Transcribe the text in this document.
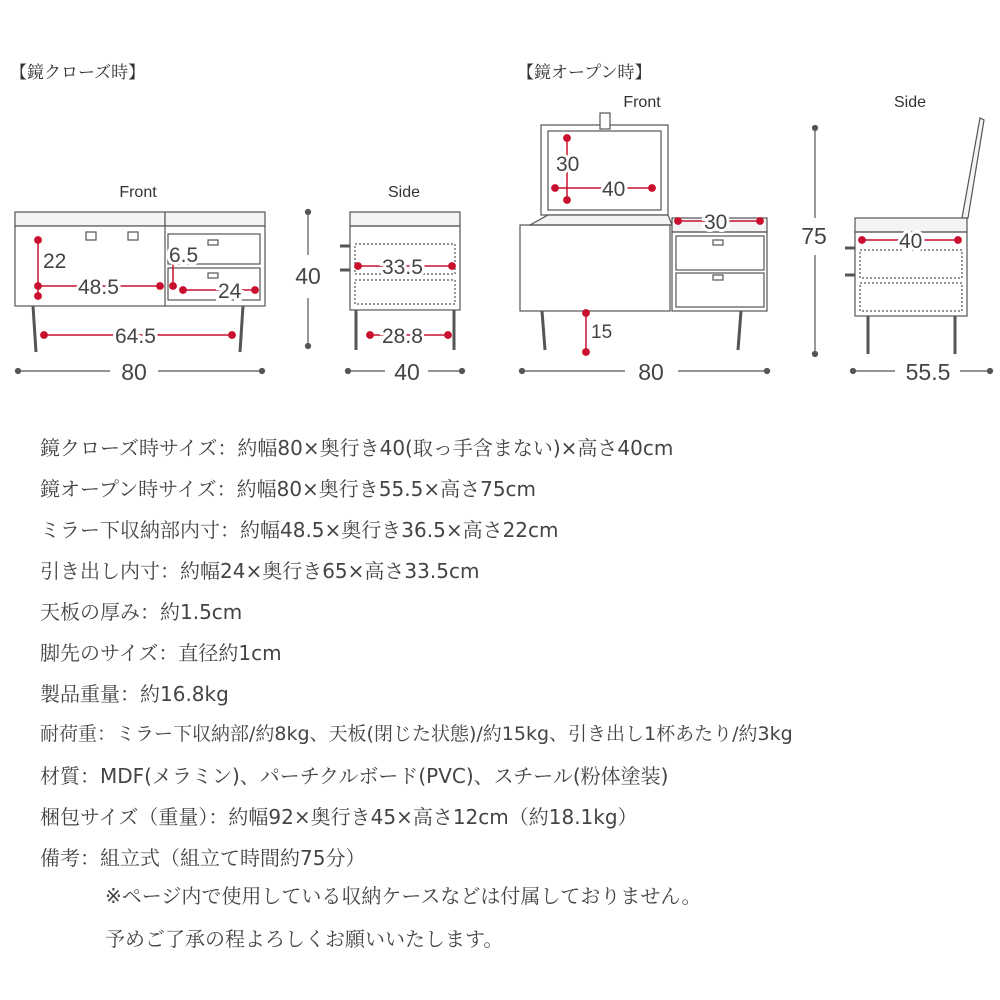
【鏡クローズ時】	【鏡オープン時】
Front	Side
Front	Side
22
48.5
6.5
24
64.5
80
40	33.5
28.8
40
30
40
30
15
80
75	40
55.5
鏡クローズ時サイズ：約幅80×奥行き40(取っ手含まない)×高さ40cm
鏡オープン時サイズ：約幅80×奥行き55.5×高さ75cm
ミラー下収納部内寸：約幅48.5×奥行き36.5×高さ22cm
引き出し内寸：約幅24×奥行き65×高さ33.5cm
天板の厚み：約1.5cm
脚先のサイズ：直径約1cm
製品重量：約16.8kg
耐荷重：ミラー下収納部/約8kg、天板(閉じた状態)/約15kg、引き出し1杯あたり/約3kg
材質：MDF(メラミン)、パーチクルボード(PVC)、スチール(粉体塗装)
梱包サイズ（重量）：約幅92×奥行き45×高さ12cm（約18.1kg）
備考：組立式（組立て時間約75分）
※ページ内で使用している収納ケースなどは付属しておりません。
予めご了承の程よろしくお願いいたします。
